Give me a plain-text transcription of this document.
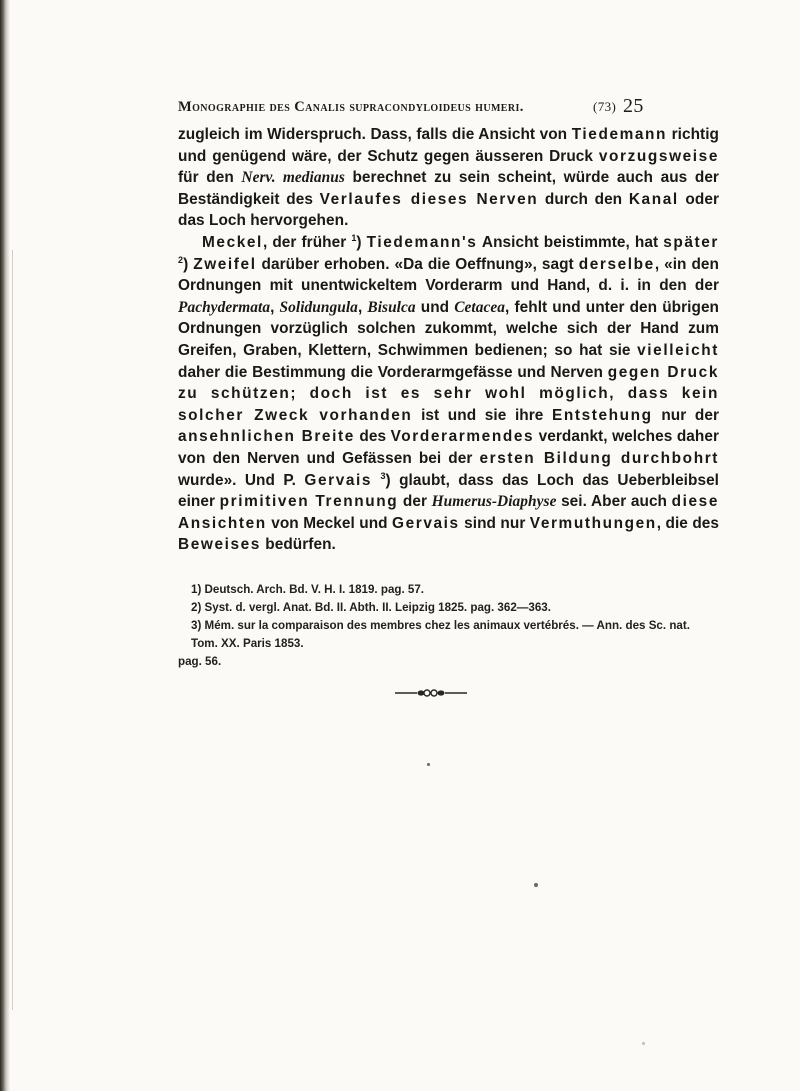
Monographie des Canalis supracondyloideus humeri.	(73) 25

zugleich im Widerspruch. Dass, falls die Ansicht von Tiedemann richtig und genügend wäre, der Schutz gegen äusseren Druck vorzugsweise für den Nerv. medianus berechnet zu sein scheint, würde auch aus der Beständigkeit des Verlaufes dieses Nerven durch den Kanal oder das Loch hervorgehen.

Meckel, der früher $^1$) Tiedemann's Ansicht beistimmte, hat später $^2$) Zweifel darüber erhoben. «Da die Oeffnung», sagt derselbe, «in den Ordnungen mit unentwickeltem Vorderarm und Hand, d. i. in den der Pachydermata, Solidungula, Bisulca und Cetacea, fehlt und unter den übrigen Ordnungen vorzüglich solchen zukommt, welche sich der Hand zum Greifen, Graben, Klettern, Schwimmen bedienen; so hat sie vielleicht daher die Bestimmung die Vorderarmgefässe und Nerven gegen Druck zu schützen; doch ist es sehr wohl möglich, dass kein solcher Zweck vorhanden ist und sie ihre Entstehung nur der ansehnlichen Breite des Vorderarmendes verdankt, welches daher von den Nerven und Gefässen bei der ersten Bildung durchbohrt wurde». Und P. Gervais $^3$) glaubt, dass das Loch das Ueberbleibsel einer primitiven Trennung der Humerus-Diaphyse sei. Aber auch diese Ansichten von Meckel und Gervais sind nur Vermuthungen, die des Beweises bedürfen.

1) Deutsch. Arch. Bd. V. H. I. 1819. pag. 57.
2) Syst. d. vergl. Anat. Bd. II. Abth. II. Leipzig 1825. pag. 362—363.
3) Mém. sur la comparaison des membres chez les animaux vertébrés. — Ann. des Sc. nat. Tom. XX. Paris 1853.
pag. 56.
